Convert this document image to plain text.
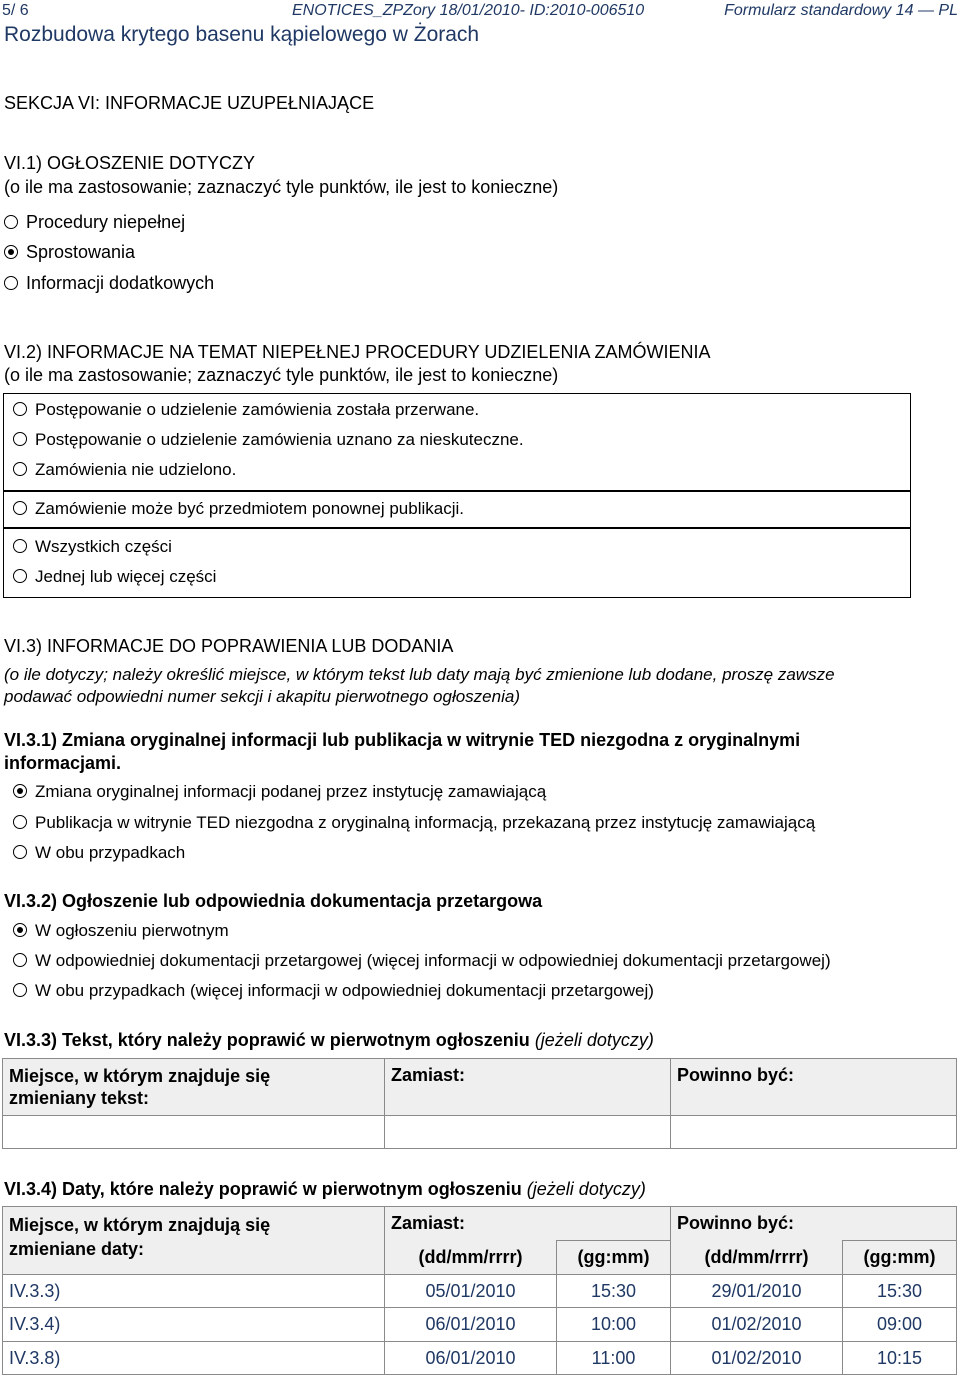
5/ 6	ENOTICES_ZPZory 18/01/2010- ID:2010-006510	Formularz standardowy 14 — PL
Rozbudowa krytego basenu kąpielowego w Żorach
SEKCJA VI: INFORMACJE UZUPEŁNIAJĄCE
VI.1) OGŁOSZENIE DOTYCZY
(o ile ma zastosowanie; zaznaczyć tyle punktów, ile jest to konieczne)
Procedury niepełnej
Sprostowania
Informacji dodatkowych
VI.2) INFORMACJE NA TEMAT NIEPEŁNEJ PROCEDURY UDZIELENIA ZAMÓWIENIA
(o ile ma zastosowanie; zaznaczyć tyle punktów, ile jest to konieczne)
Postępowanie o udzielenie zamówienia została przerwane.
Postępowanie o udzielenie zamówienia uznano za nieskuteczne.
Zamówienia nie udzielono.
Zamówienie może być przedmiotem ponownej publikacji.
Wszystkich części
Jednej lub więcej części
VI.3) INFORMACJE DO POPRAWIENIA LUB DODANIA
(o ile dotyczy; należy określić miejsce, w którym tekst lub daty mają być zmienione lub dodane, proszę zawsze
podawać odpowiedni numer sekcji i akapitu pierwotnego ogłoszenia)
VI.3.1) Zmiana oryginalnej informacji lub publikacja w witrynie TED niezgodna z oryginalnymi
informacjami.
Zmiana oryginalnej informacji podanej przez instytucję zamawiającą
Publikacja w witrynie TED niezgodna z oryginalną informacją, przekazaną przez instytucję zamawiającą
W obu przypadkach
VI.3.2) Ogłoszenie lub odpowiednia dokumentacja przetargowa
W ogłoszeniu pierwotnym
W odpowiedniej dokumentacji przetargowej (więcej informacji w odpowiedniej dokumentacji przetargowej)
W obu przypadkach (więcej informacji w odpowiedniej dokumentacji przetargowej)
VI.3.3) Tekst, który należy poprawić w pierwotnym ogłoszeniu (jeżeli dotyczy)
Miejsce, w którym znajduje się
zmieniany tekst:	Zamiast:	Powinno być:

VI.3.4) Daty, które należy poprawić w pierwotnym ogłoszeniu (jeżeli dotyczy)
Miejsce, w którym znajdują się
zmieniane daty:	Zamiast:		Powinno być:	
	(dd/mm/rrrr)	(gg:mm)	(dd/mm/rrrr)	(gg:mm)
IV.3.3)	05/01/2010	15:30	29/01/2010	15:30
IV.3.4)	06/01/2010	10:00	01/02/2010	09:00
IV.3.8)	06/01/2010	11:00	01/02/2010	10:15
